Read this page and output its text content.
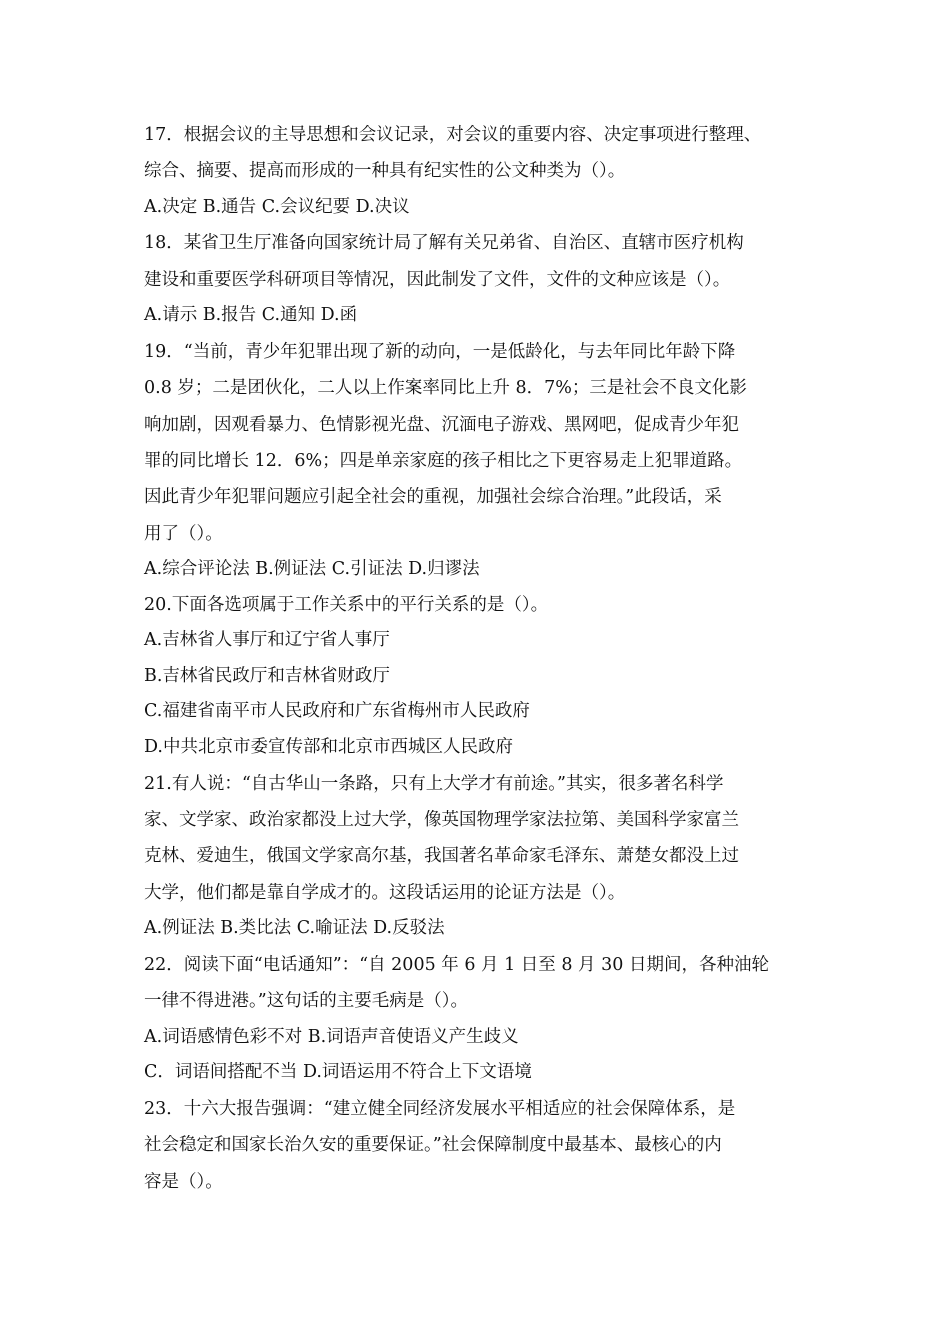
17．根据会议的主导思想和会议记录，对会议的重要内容、决定事项进行整理、
综合、摘要、提高而形成的一种具有纪实性的公文种类为（）。
A.决定 B.通告 C.会议纪要 D.决议
18．某省卫生厅准备向国家统计局了解有关兄弟省、自治区、直辖市医疗机构
建设和重要医学科研项目等情况，因此制发了文件，文件的文种应该是（）。
A.请示 B.报告 C.通知 D.函
19．“当前，青少年犯罪出现了新的动向，一是低龄化，与去年同比年龄下降
0.8 岁；二是团伙化，二人以上作案率同比上升 8．7%；三是社会不良文化影
响加剧，因观看暴力、色情影视光盘、沉湎电子游戏、黑网吧，促成青少年犯
罪的同比增长 12．6%；四是单亲家庭的孩子相比之下更容易走上犯罪道路。
因此青少年犯罪问题应引起全社会的重视，加强社会综合治理。”此段话，采
用了（）。
A.综合评论法 B.例证法 C.引证法 D.归谬法
20.下面各选项属于工作关系中的平行关系的是（）。
A.吉林省人事厅和辽宁省人事厅
B.吉林省民政厅和吉林省财政厅
C.福建省南平市人民政府和广东省梅州市人民政府
D.中共北京市委宣传部和北京市西城区人民政府
21.有人说：“自古华山一条路，只有上大学才有前途。”其实，很多著名科学
家、文学家、政治家都没上过大学，像英国物理学家法拉第、美国科学家富兰
克林、爱迪生，俄国文学家高尔基，我国著名革命家毛泽东、萧楚女都没上过
大学，他们都是靠自学成才的。这段话运用的论证方法是（）。
A.例证法 B.类比法 C.喻证法 D.反驳法
22．阅读下面“电话通知”：“自 2005 年 6 月 1 日至 8 月 30 日期间，各种油轮
一律不得进港。”这句话的主要毛病是（）。
A.词语感情色彩不对 B.词语声音使语义产生歧义
C．词语间搭配不当 D.词语运用不符合上下文语境
23．十六大报告强调：“建立健全同经济发展水平相适应的社会保障体系，是
社会稳定和国家长治久安的重要保证。”社会保障制度中最基本、最核心的内
容是（）。
